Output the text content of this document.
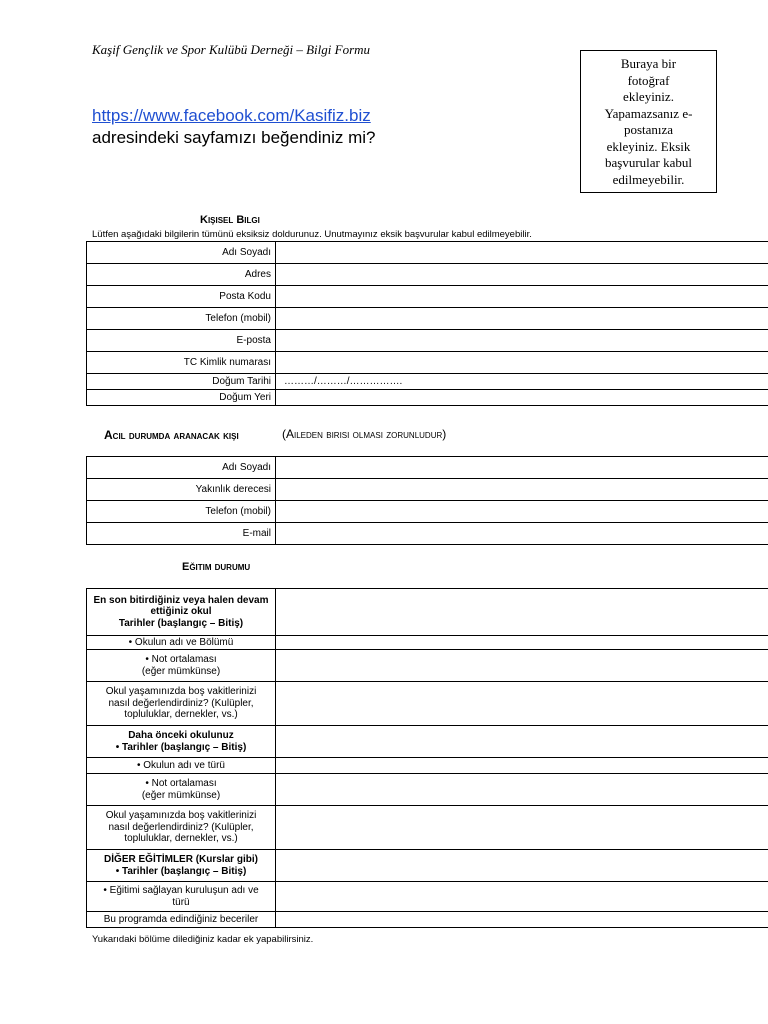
Kaşif Gençlik ve Spor Kulübü Derneği – Bilgi Formu
https://www.facebook.com/Kasifiz.biz
adresindeki sayfamızı beğendiniz mi?
Buraya bir
fotoğraf
ekleyiniz.
Yapamazsanız e-
postanıza
ekleyiniz. Eksik
başvurular kabul
edilmeyebilir.
Kişisel Bilgi
Lütfen aşağıdaki bilgilerin tümünü eksiksiz doldurunuz. Unutmayınız eksik başvurular kabul edilmeyebilir.
Adı Soyadı	
Adres	
Posta Kodu	
Telefon (mobil)	
E-posta	
TC Kimlik numarası	
Doğum Tarihi	………/………/…………….
Doğum Yeri	
Acil durumda aranacak kişi	(Aileden birisi olması zorunludur)
Adı Soyadı	
Yakınlık derecesi	
Telefon (mobil)	
E-mail	
Eğitim durumu
En son bitirdiğiniz veya halen devam
ettiğiniz okul
Tarihler (başlangıç – Bitiş)	

• Okulun adı ve Bölümü	

• Not ortalaması
(eğer mümkünse)	

Okul yaşamınızda boş vakitlerinizi
nasıl değerlendirdiniz? (Kulüpler,
topluluklar, dernekler, vs.)	

Daha önceki okulunuz
• Tarihler (başlangıç – Bitiş)	

• Okulun adı ve türü	

• Not ortalaması
(eğer mümkünse)	

Okul yaşamınızda boş vakitlerinizi
nasıl değerlendirdiniz? (Kulüpler,
topluluklar, dernekler, vs.)	

DİĞER EĞİTİMLER (Kurslar gibi)
• Tarihler (başlangıç – Bitiş)	

• Eğitimi sağlayan kuruluşun adı ve
türü	

Bu programda edindiğiniz beceriler	

Yukarıdaki bölüme dilediğiniz kadar ek yapabilirsiniz.
